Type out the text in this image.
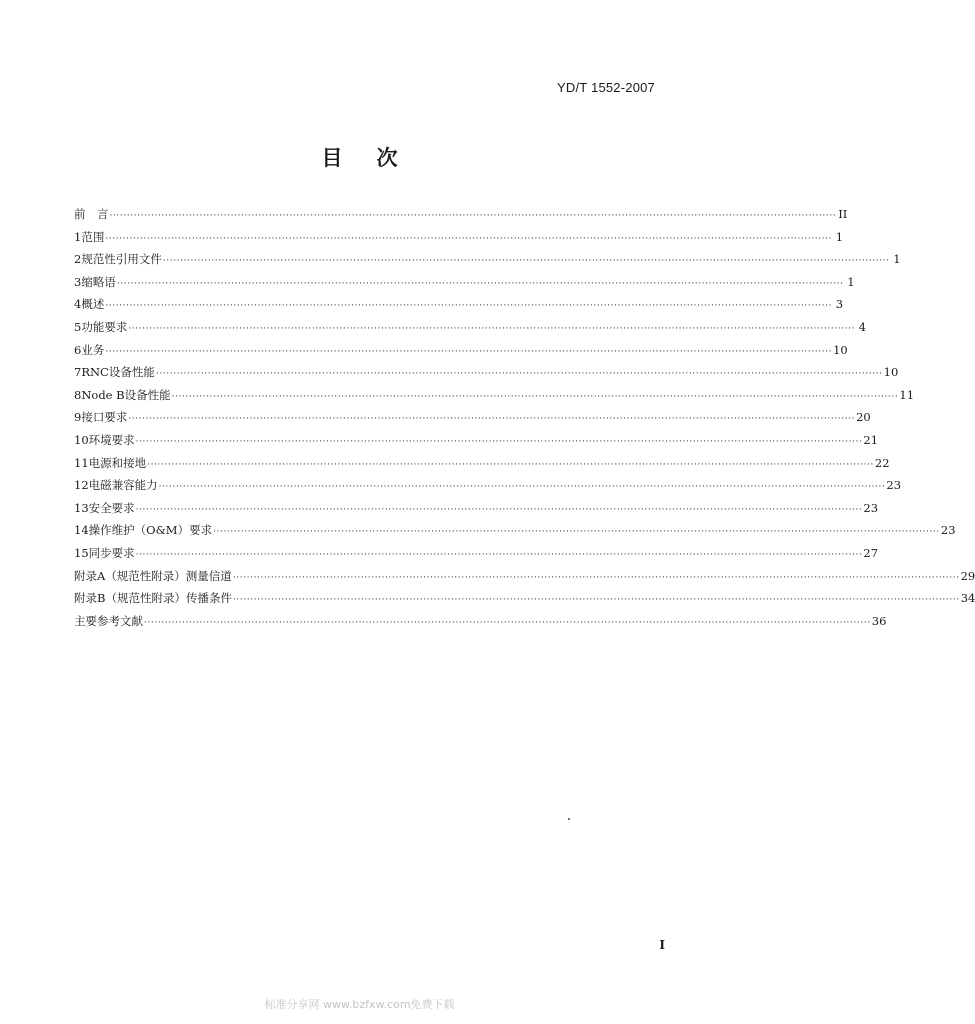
YD/T 1552-2007
目 次
前　言 ·····	II
1 范围 ·····	1
2 规范性引用文件 ·····	1
3 缩略语 ·····	1
4 概述 ·····	3
5 功能要求 ·····	4
6 业务 ·····	10
7 RNC设备性能 ·····	10
8 Node B设备性能 ·····	11
9 接口要求 ·····	20
10 环境要求 ·····	21
11 电源和接地 ·····	22
12 电磁兼容能力 ·····	23
13 安全要求 ·····	23
14 操作维护（O&M）要求 ·····	23
15 同步要求 ·····	27
附录A（规范性附录）测量信道 ·····	29
附录B（规范性附录）传播条件 ·····	34
主要参考文献 ·····	36
I
标准分享网 www.bzfxw.com免费下载
